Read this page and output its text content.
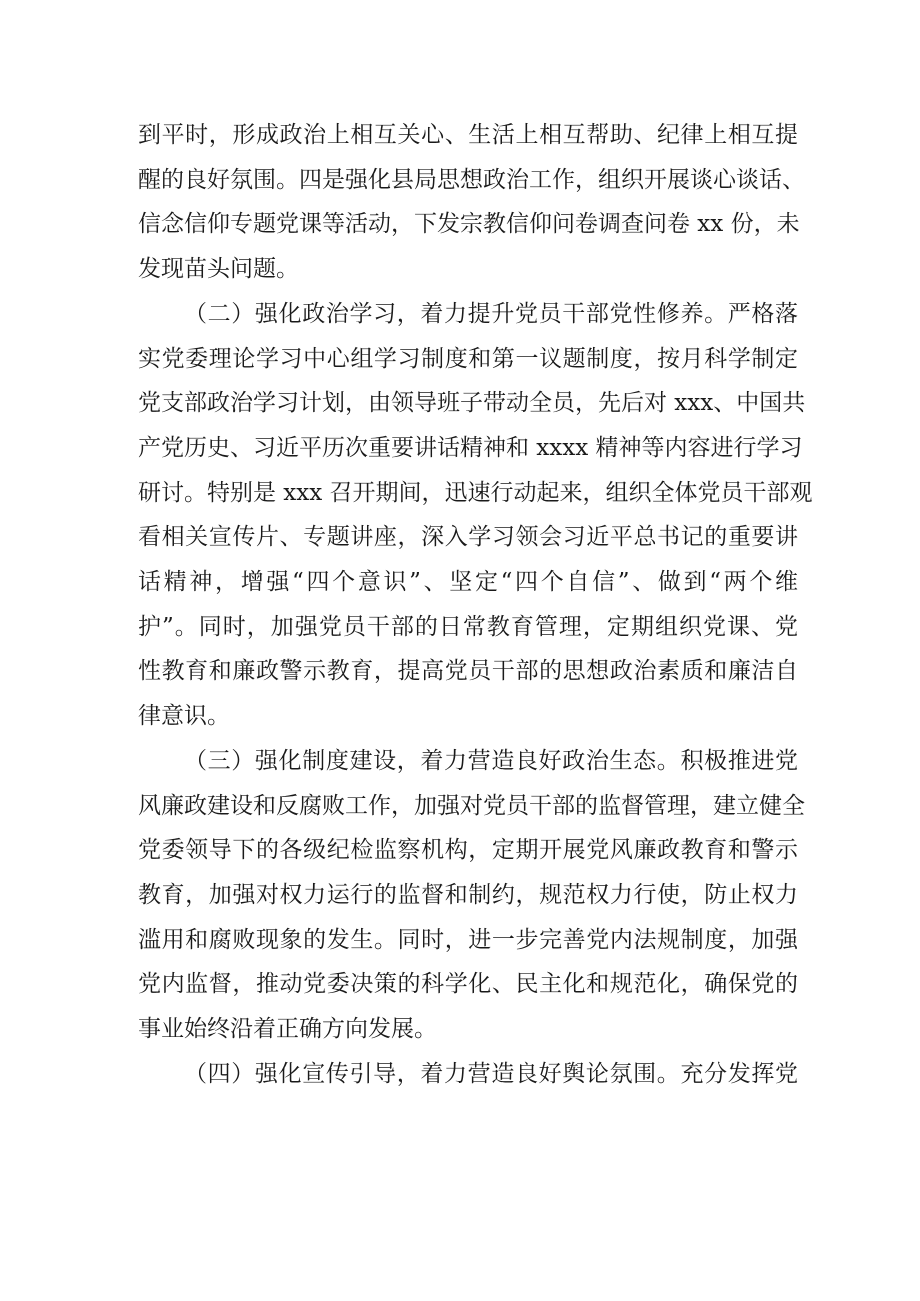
到平时，形成政治上相互关心、生活上相互帮助、纪律上相互提
醒的良好氛围。四是强化县局思想政治工作，组织开展谈心谈话、
信念信仰专题党课等活动，下发宗教信仰问卷调查问卷 xx 份，未
发现苗头问题。

（二）强化政治学习，着力提升党员干部党性修养。严格落
实党委理论学习中心组学习制度和第一议题制度，按月科学制定
党支部政治学习计划，由领导班子带动全员，先后对 xxx、中国共
产党历史、习近平历次重要讲话精神和 xxxx 精神等内容进行学习
研讨。特别是 xxx 召开期间，迅速行动起来，组织全体党员干部观
看相关宣传片、专题讲座，深入学习领会习近平总书记的重要讲
话精神，增强“四个意识”、坚定“四个自信”、做到“两个维
护”。同时，加强党员干部的日常教育管理，定期组织党课、党
性教育和廉政警示教育，提高党员干部的思想政治素质和廉洁自
律意识。

（三）强化制度建设，着力营造良好政治生态。积极推进党
风廉政建设和反腐败工作，加强对党员干部的监督管理，建立健全
党委领导下的各级纪检监察机构，定期开展党风廉政教育和警示
教育，加强对权力运行的监督和制约，规范权力行使，防止权力
滥用和腐败现象的发生。同时，进一步完善党内法规制度，加强
党内监督，推动党委决策的科学化、民主化和规范化，确保党的
事业始终沿着正确方向发展。

（四）强化宣传引导，着力营造良好舆论氛围。充分发挥党
